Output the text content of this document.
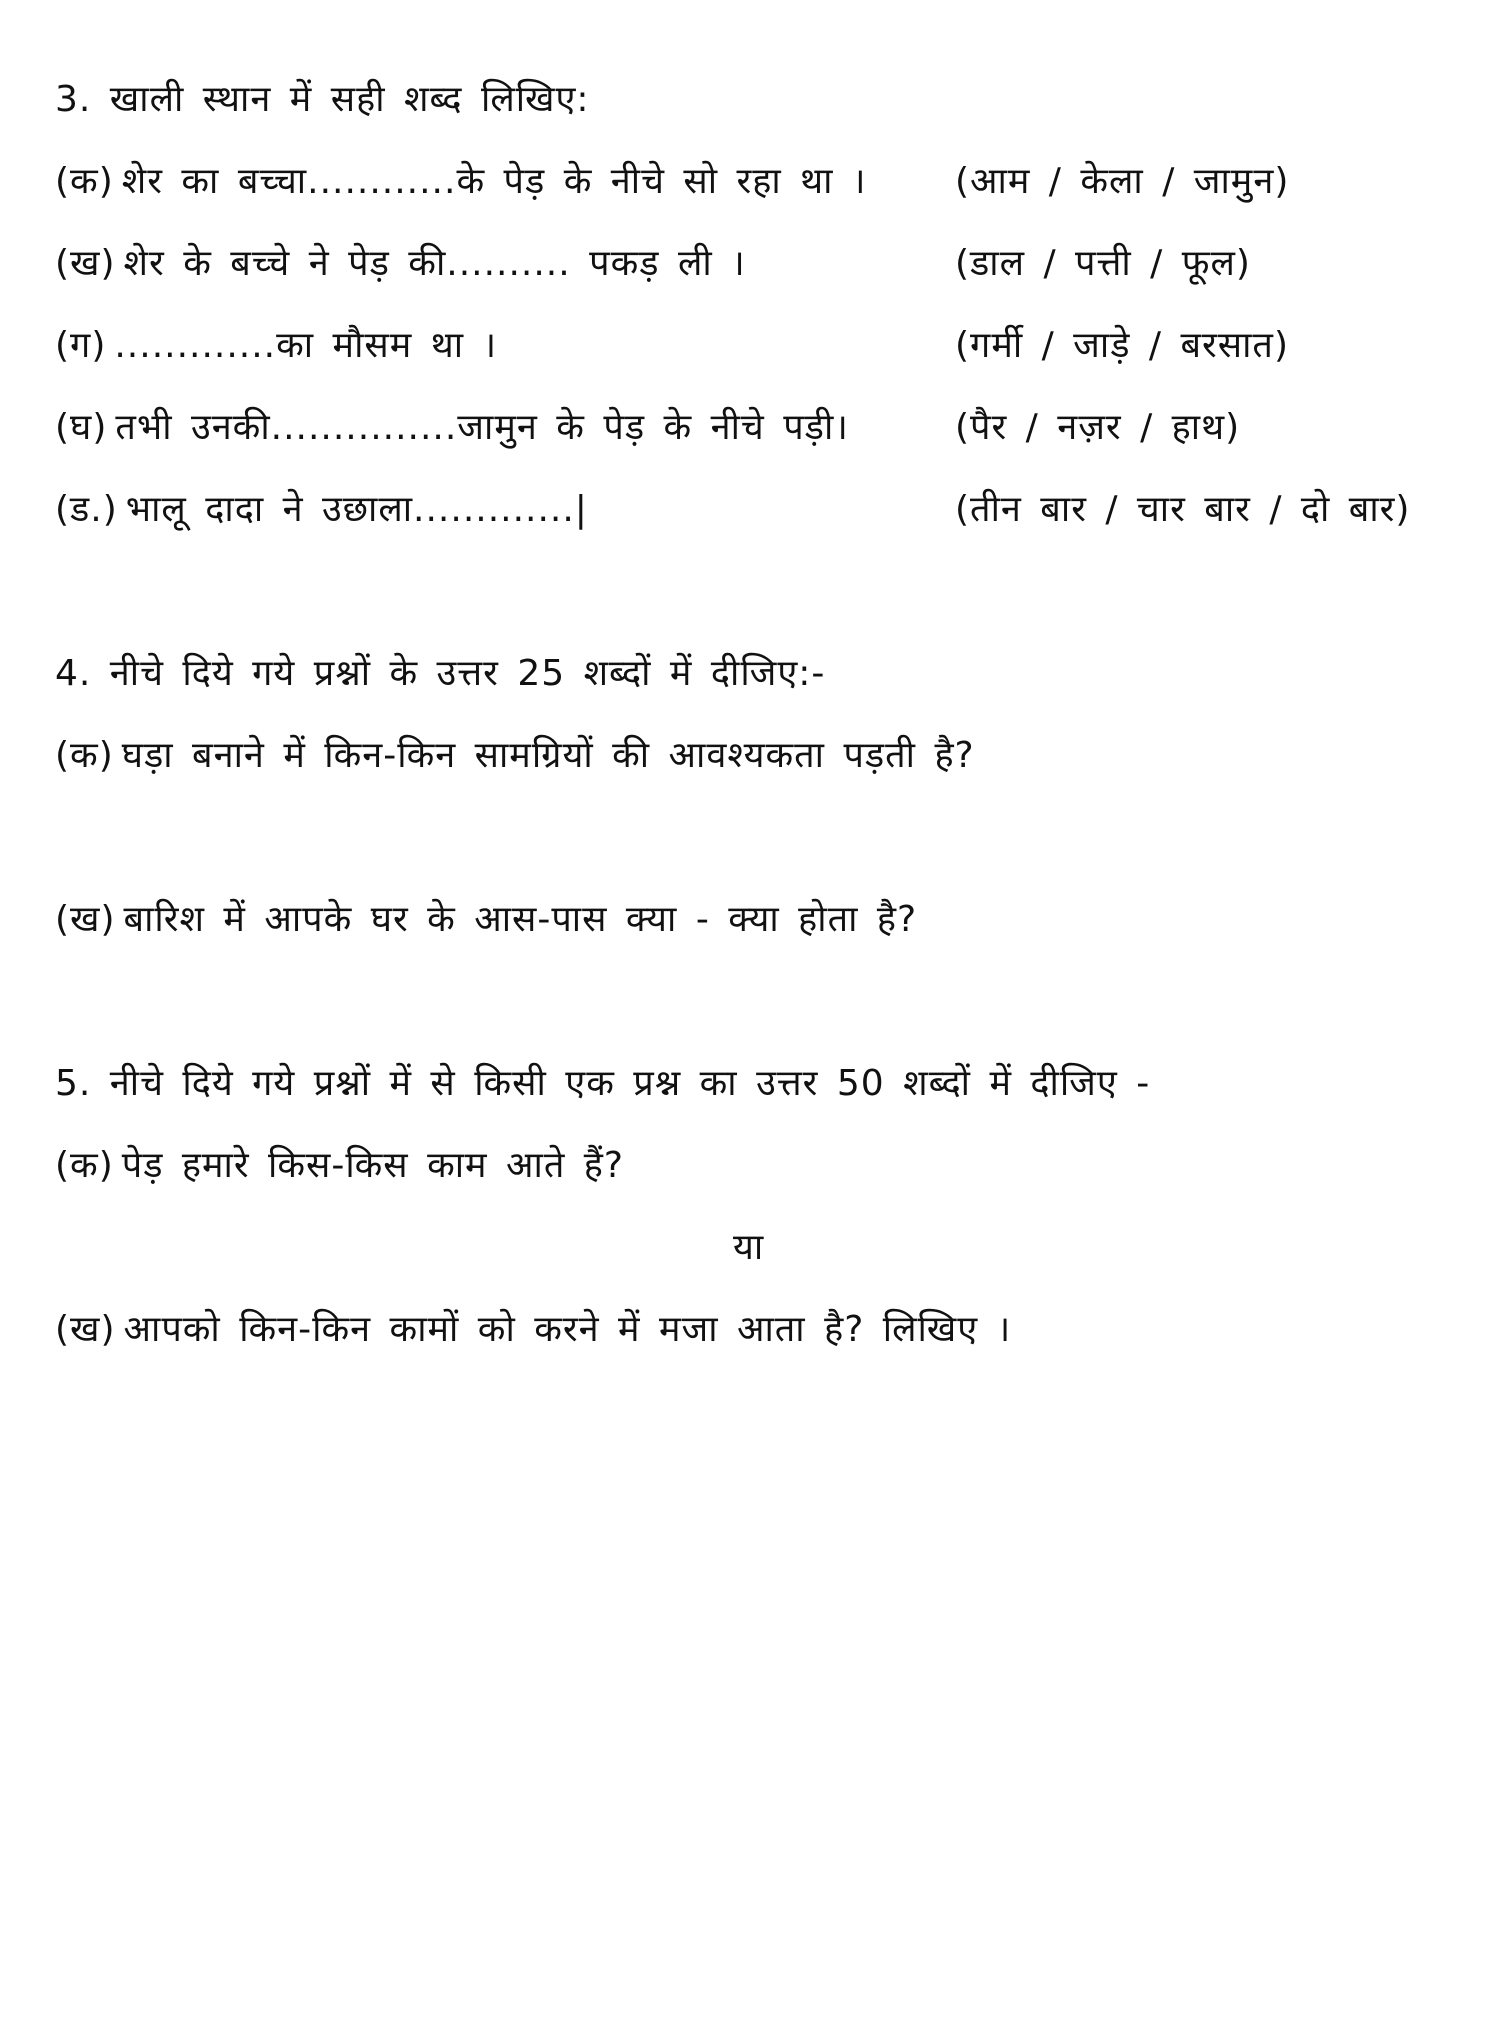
3. खाली स्थान में सही शब्द लिखिए:
(क) शेर का बच्चा............के पेड़ के नीचे सो रहा था । (आम / केला / जामुन)
(ख) शेर के बच्चे ने पेड़ की.......... पकड़ ली ।	(डाल / पत्ती / फूल)
(ग) .............का मौसम था ।	(गर्मी / जाड़े / बरसात)
(घ) तभी उनकी...............जामुन के पेड़ के नीचे पड़ी।	(पैर / नज़र / हाथ)
(ड.) भालू दादा ने उछाला.............|	(तीन बार / चार बार / दो बार)
4. नीचे दिये गये प्रश्नों के उत्तर 25 शब्दों में दीजिए:-
(क) घड़ा बनाने में किन-किन सामग्रियों की आवश्यकता पड़ती है?
(ख) बारिश में आपके घर के आस-पास क्या - क्या होता है?
5. नीचे दिये गये प्रश्नों में से किसी एक प्रश्न का उत्तर 50 शब्दों में दीजिए -
(क) पेड़ हमारे किस-किस काम आते हैं?
या
(ख) आपको किन-किन कामों को करने में मजा आता है? लिखिए ।
